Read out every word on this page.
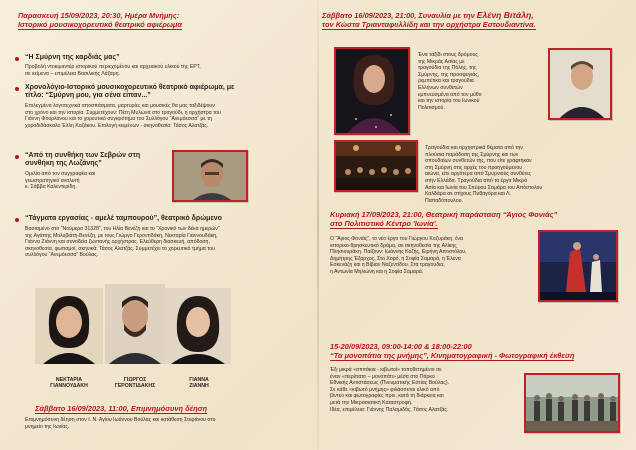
Παρασκευή 15/09/2023, 20:30, Ημέρα Μνήμης:
Ιστορικό μουσικοχορευτικό θεατρικό αφιέρωμα
“Η Σμύρνη της καρδιάς μας”
Προβολή ντοκιμαντέρ ιστορικού περιεχομένου και αρχειακού υλικού της ΕΡΤ,
σε κείμενα – επιμέλεια Βασιλικής Λάζαρη.
Χρονολόγιο-Ιστορικό μουσικοχορευτικό θεατρικό αφιέρωμα, με
τίτλο: “Σμύρνη μου, για σένα είπαν...”
Επιλεγμένα λογοτεχνικά αποσπάσματα, μαρτυρίες και μουσικές θα μας ταξιδέψουν
στο χρόνο και την ιστορία. Συμμετέχουν: Πέτη Μυλωνά στο τραγούδι, η ορχήστρα του
Γιάννη Φουρλάνου και το χορευτικό συγκρότημα του Συλλόγου “Ανεμόεσσα” με τη
χοροδιδάσκαλο Έλλη Καζάκου. Επιλογή κειμένων - σκηνοθεσία: Τάσος Αλατζάς.
“Από τη συνθήκη των Σεβρών στη
συνθήκη της Λωζάνης”
Ομιλία από τον συγγραφέα και
γεωστρατηγικό αναλυτή
κ. Σάββα Καλεντερίδη.
“Τάγματα εργασίας - αμελέ ταμπουρού”, θεατρικό δρώμενο
Βασισμένο στο “Νούμερο 31328”, του Ηλία Βενέζη και το “Χρονικό των δέκα ημερών”
της Αγάπης Μολυβιάτη-Βενέζη, με τους Γιώργο Γεροντιδάκη, Νεκταρία Γιαννουδάκη,
Γιάννα Ζιάννη και συνοδεία ζωντανής ορχήστρας. Ελεύθερη διασκευή, απόδοση,
σκηνοθεσία, φωτισμοί, σκηνικά: Τάσος Αλατζάς. Συμμετέχει το χορευτικό τμήμα του
συλλόγου “Ανεμόεσσα” Βούλας.
ΝΕΚΤΑΡΙΑ
ΓΙΑΝΝΟΥΔΑΚΗ
ΓΙΩΡΓΟΣ
ΓΕΡΟΝΤΙΔΑΚΗΣ
ΓΙΑΝΝΑ
ΖΙΑΝΝΗ
Σάββατο 16/09/2023, 11:00, Επιμνημόσυνη δέηση
Επιμνημόσυνη δέηση στον Ι. Ν. Αγίου Ιωάννου Βούλας και κατάθεση Στεφάνου στο
μνημείο της Ιωνίας.
Σάββατο 16/09/2023, 21:00, Συναυλία με την Ελένη Βιτάλη,
τον Κώστα Τριανταφυλλίδη και την ορχήστρα Εστουδιαντίνα.
Ένα ταξίδι στους δρόμους
της Μικράς Ασίας με
τραγούδια της Πόλης, της
Σμύρνης, της προσφυγιάς,
ρεμπέτικα και τραγούδια
Ελλήνων συνθετών
εμπνευσμένα από τον μύθο
και την ιστορία του Ιωνικού
Πολιτισμού.
Τραγούδια και ορχηστρικά θέματα από την
πλούσια παράδοση της Σμύρνης και των
σπουδαίων συνθετών της, που είτε γράφτηκαν
στη Σμύρνη στις αρχές του προηγούμενου
αιώνα, είτε αργότερα από Σμυρνιούς συνθέτες
στην Ελλάδα. Τραγούδια από τα έργα Μικρά
Ασία και Ιωνία του Σπύρου Σαμάρα του Απόστολου
Καλδάρα σε στίχους Πυθαγόρα και Λ.
Παπαδόπουλου.
Κυριακή 17/09/2023, 21:00, Θεατρική παράσταση “Άγιος Φονιάς”
στο Πολιτιστικό Κέντρο 'Ιωνία'.
Ο “Άγιος Φονιάς”, το νέο έργο του Γιώργου Κοζυράκη, ένα
ιστορικο-θρησκευτικό δράμα, σε σκηνοθεσία της Αλίκης
Πλησιουράκη. Παίζουν: Ιωάννης Κοζής, Ειρήνη Αποστόλου,
Δημήτρης Έξαρχος, Στο Χορό, η Σοφία Σαμαρά, η Έλενα
Εσκενάζη και η Βίβιαν Ναζεντίδου. Στα τραγούδια,
η Αντωνία Μηλιώνη και η Σοφία Σαμαρά.
15-20/09/2023, 09:00-14:00 & 18:00-22:00
“Τα μονοπάτια της μνήμης”, Κινηματογραφική - Φωτογραφική έκθεση
Έξι μικρά «σπιτάκια - κιβωτοί» τοποθετημένοι σε
έναν «περίπατο – μονοπάτι» μέσα στο Πάρκο
Εθνικής Αντιστάσεως (Πνευματικής Εστίας Βούλας).
Σε κάθε «κιβωτό μνήμης» φιλάσσεται υλικό από
βίντεο και φωτογραφίες πριν, κατά τη διάρκεια και
μετά την Μικρασιατική Καταστροφή.
Ιδέα, επιμέλεια: Γιάννης Παλαμιδάς, Τάσος Αλατζάς.
